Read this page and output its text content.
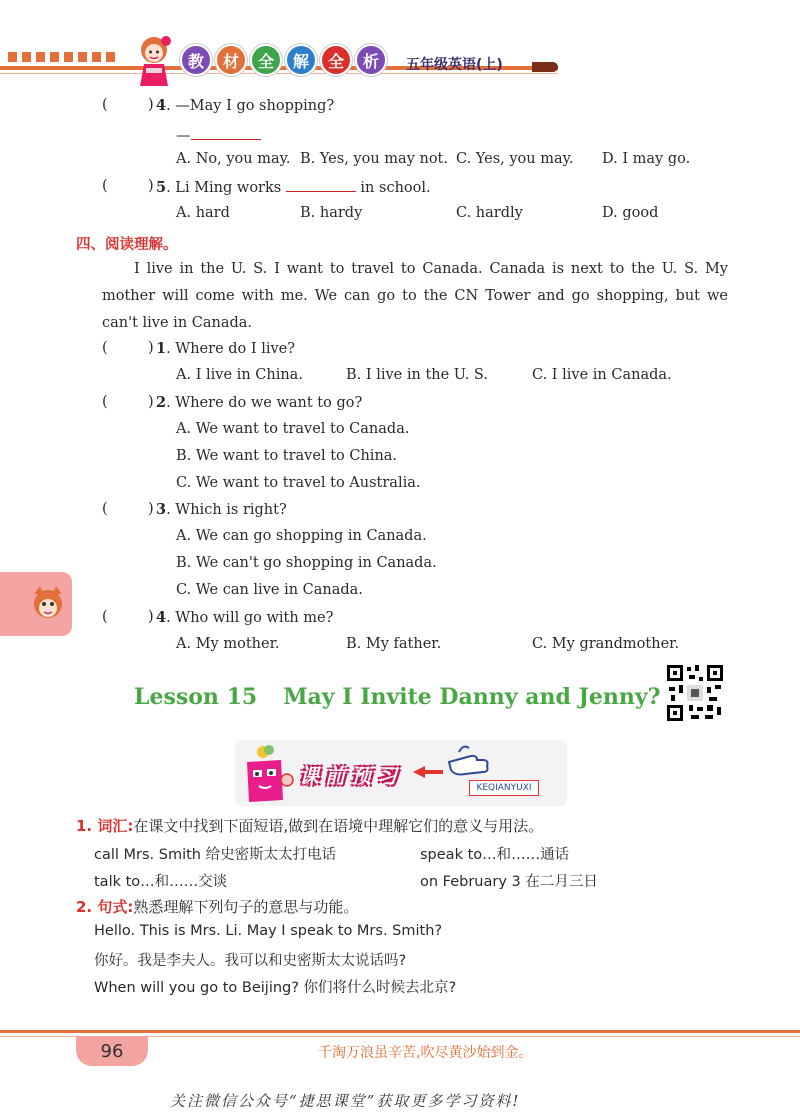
教	材	全	解	全	析	五年级英语(上)
(	) 4. —May I go shopping?
—
A. No, you may. B. Yes, you may not. C. Yes, you may. D. I may go.
(	) 5. Li Ming works	in school.
A. hard	B. hardy	C. hardly	D. good
四、阅读理解。
I live in the U. S. I want to travel to Canada. Canada is next to the U. S. My mother will come with me. We can go to the CN Tower and go shopping, but we can't live in Canada.
(	) 1. Where do I live?
A. I live in China.	B. I live in the U. S.	C. I live in Canada.
(	) 2. Where do we want to go?
A. We want to travel to Canada.
B. We want to travel to China.
C. We want to travel to Australia.
(	) 3. Which is right?
A. We can go shopping in Canada.
B. We can't go shopping in Canada.
C. We can live in Canada.
(	) 4. Who will go with me?
A. My mother.	B. My father.	C. My grandmother.
Lesson 15 May I Invite Danny and Jenny?
课前预习	KEQIANYUXI
1. 词汇:在课文中找到下面短语,做到在语境中理解它们的意义与用法。
call Mrs. Smith 给史密斯太太打电话	speak to…和……通话
talk to…和……交谈	on February 3 在二月三日
2. 句式:熟悉理解下列句子的意思与功能。
Hello. This is Mrs. Li. May I speak to Mrs. Smith?
你好。我是李夫人。我可以和史密斯太太说话吗?
When will you go to Beijing? 你们将什么时候去北京?
96	千淘万浪虽辛苦,吹尽黄沙始到金。
关注微信公众号“捷思课堂”获取更多学习资料!
